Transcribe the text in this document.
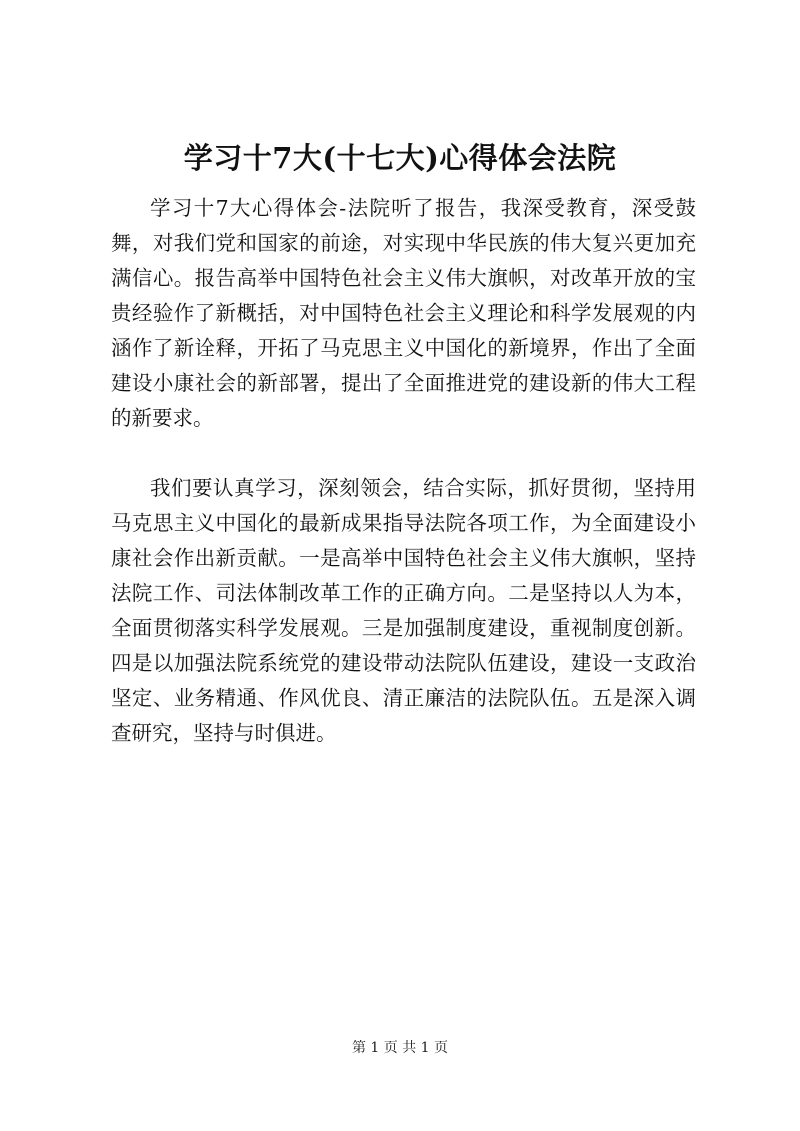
学习十7大(十七大)心得体会法院
学习十7大心得体会-法院听了报告，我深受教育，深受鼓
舞，对我们党和国家的前途，对实现中华民族的伟大复兴更加充
满信心。报告高举中国特色社会主义伟大旗帜，对改革开放的宝
贵经验作了新概括，对中国特色社会主义理论和科学发展观的内
涵作了新诠释，开拓了马克思主义中国化的新境界，作出了全面
建设小康社会的新部署，提出了全面推进党的建设新的伟大工程
的新要求。
我们要认真学习，深刻领会，结合实际，抓好贯彻，坚持用
马克思主义中国化的最新成果指导法院各项工作，为全面建设小
康社会作出新贡献。一是高举中国特色社会主义伟大旗帜，坚持
法院工作、司法体制改革工作的正确方向。二是坚持以人为本，
全面贯彻落实科学发展观。三是加强制度建设，重视制度创新。
四是以加强法院系统党的建设带动法院队伍建设，建设一支政治
坚定、业务精通、作风优良、清正廉洁的法院队伍。五是深入调
查研究，坚持与时俱进。
第 1 页 共 1 页
